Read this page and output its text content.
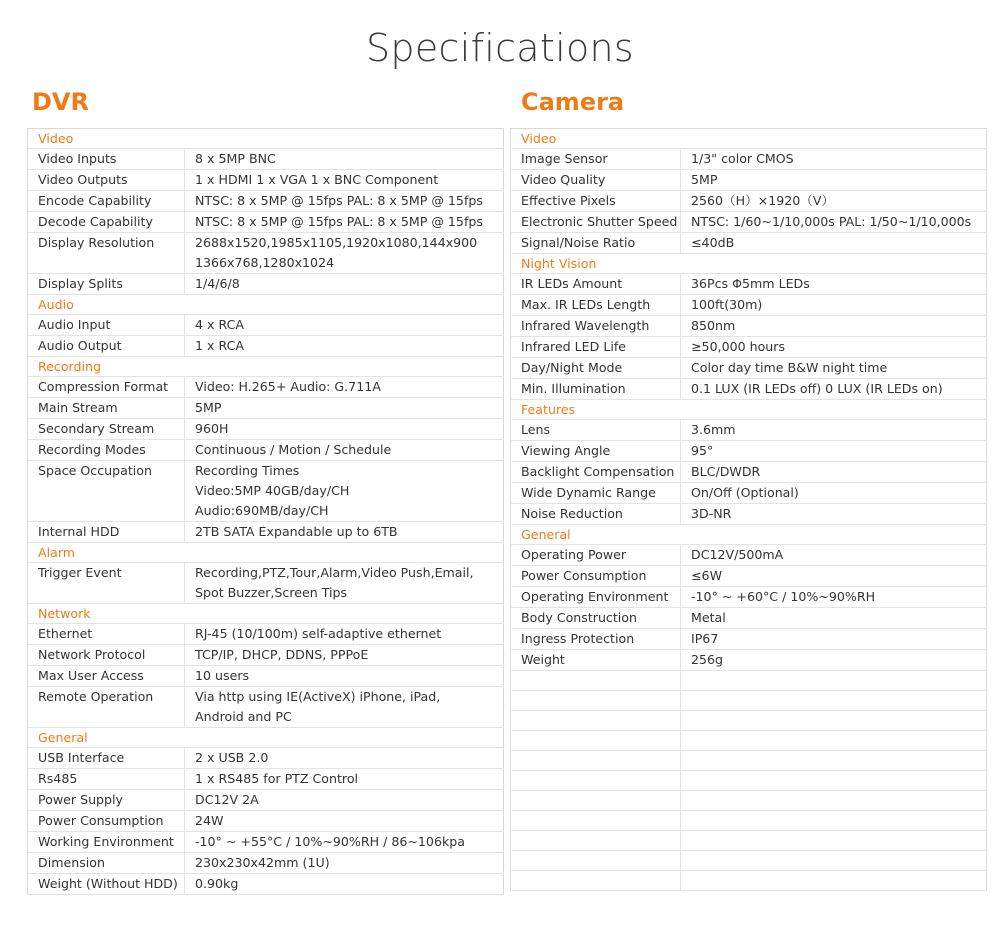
Specifications
DVR	Camera
Video	
Video Inputs	8 x 5MP BNC

Video Outputs	1 x HDMI 1 x VGA 1 x BNC Component

Encode Capability	NTSC: 8 x 5MP @ 15fps PAL: 8 x 5MP @ 15fps

Decode Capability	NTSC: 8 x 5MP @ 15fps PAL: 8 x 5MP @ 15fps

Display Resolution	2688x1520,1985x1105,1920x1080,144x900
1366x768,1280x1024

Display Splits	1/4/6/8

Audio	
Audio Input	4 x RCA

Audio Output	1 x RCA

Recording	
Compression Format	Video: H.265+ Audio: G.711A

Main Stream	5MP

Secondary Stream	960H

Recording Modes	Continuous / Motion / Schedule

Space Occupation	Recording Times
Video:5MP 40GB/day/CH
Audio:690MB/day/CH

Internal HDD	2TB SATA Expandable up to 6TB

Alarm	
Trigger Event	Recording,PTZ,Tour,Alarm,Video Push,Email,
Spot Buzzer,Screen Tips

Network	
Ethernet	RJ-45 (10/100m) self-adaptive ethernet

Network Protocol	TCP/IP, DHCP, DDNS, PPPoE

Max User Access	10 users

Remote Operation	Via http using IE(ActiveX) iPhone, iPad,
Android and PC

General	
USB Interface	2 x USB 2.0

Rs485	1 x RS485 for PTZ Control

Power Supply	DC12V 2A

Power Consumption	24W

Working Environment	-10° ~ +55°C / 10%~90%RH / 86~106kpa

Dimension	230x230x42mm (1U)

Weight (Without HDD)	0.90kg
Video	
Image Sensor	1/3" color CMOS

Video Quality	5MP

Effective Pixels	2560（H）×1920（V）

Electronic Shutter Speed	NTSC: 1/60~1/10,000s PAL: 1/50~1/10,000s

Signal/Noise Ratio	≤40dB

Night Vision	
IR LEDs Amount	36Pcs Φ5mm LEDs

Max. IR LEDs Length	100ft(30m)

Infrared Wavelength	850nm

Infrared LED Life	≥50,000 hours

Day/Night Mode	Color day time B&W night time

Min. Illumination	0.1 LUX (IR LEDs off) 0 LUX (IR LEDs on)

Features	
Lens	3.6mm

Viewing Angle	95°

Backlight Compensation	BLC/DWDR

Wide Dynamic Range	On/Off (Optional)

Noise Reduction	3D-NR

General	
Operating Power	DC12V/500mA

Power Consumption	≤6W

Operating Environment	-10° ~ +60°C / 10%~90%RH

Body Construction	Metal

Ingress Protection	IP67

Weight	256g
